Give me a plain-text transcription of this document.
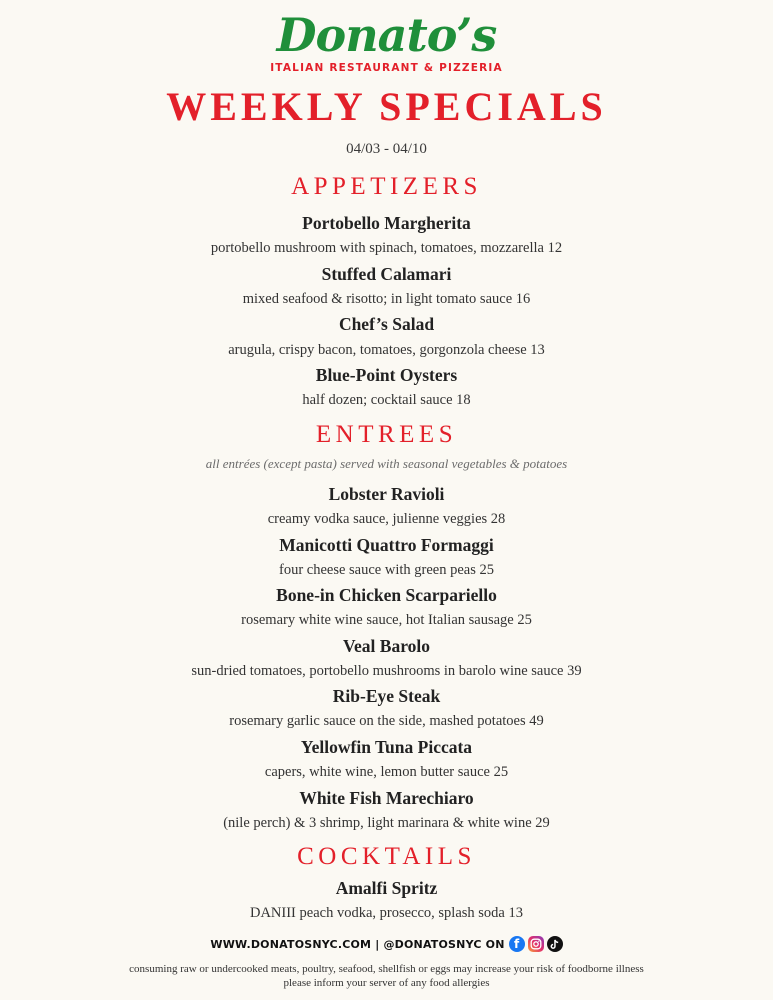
Donato’s
ITALIAN RESTAURANT & PIZZERIA
WEEKLY SPECIALS
04/03 - 04/10
APPETIZERS
Portobello Margherita
portobello mushroom with spinach, tomatoes, mozzarella 12
Stuffed Calamari
mixed seafood & risotto; in light tomato sauce 16
Chef’s Salad
arugula, crispy bacon, tomatoes, gorgonzola cheese 13
Blue-Point Oysters
half dozen; cocktail sauce 18
ENTREES
all entrées (except pasta) served with seasonal vegetables & potatoes
Lobster Ravioli
creamy vodka sauce, julienne veggies 28
Manicotti Quattro Formaggi
four cheese sauce with green peas 25
Bone-in Chicken Scarpariello
rosemary white wine sauce, hot Italian sausage 25
Veal Barolo
sun-dried tomatoes, portobello mushrooms in barolo wine sauce 39
Rib-Eye Steak
rosemary garlic sauce on the side, mashed potatoes 49
Yellowfin Tuna Piccata
capers, white wine, lemon butter sauce 25
White Fish Marechiaro
(nile perch) & 3 shrimp, light marinara & white wine 29
COCKTAILS
Amalfi Spritz
DANIII peach vodka, prosecco, splash soda 13
WWW.DONATOSNYC.COM | @DONATOSNYC ON f
consuming raw or undercooked meats, poultry, seafood, shellfish or eggs may increase your risk of foodborne illness
please inform your server of any food allergies
